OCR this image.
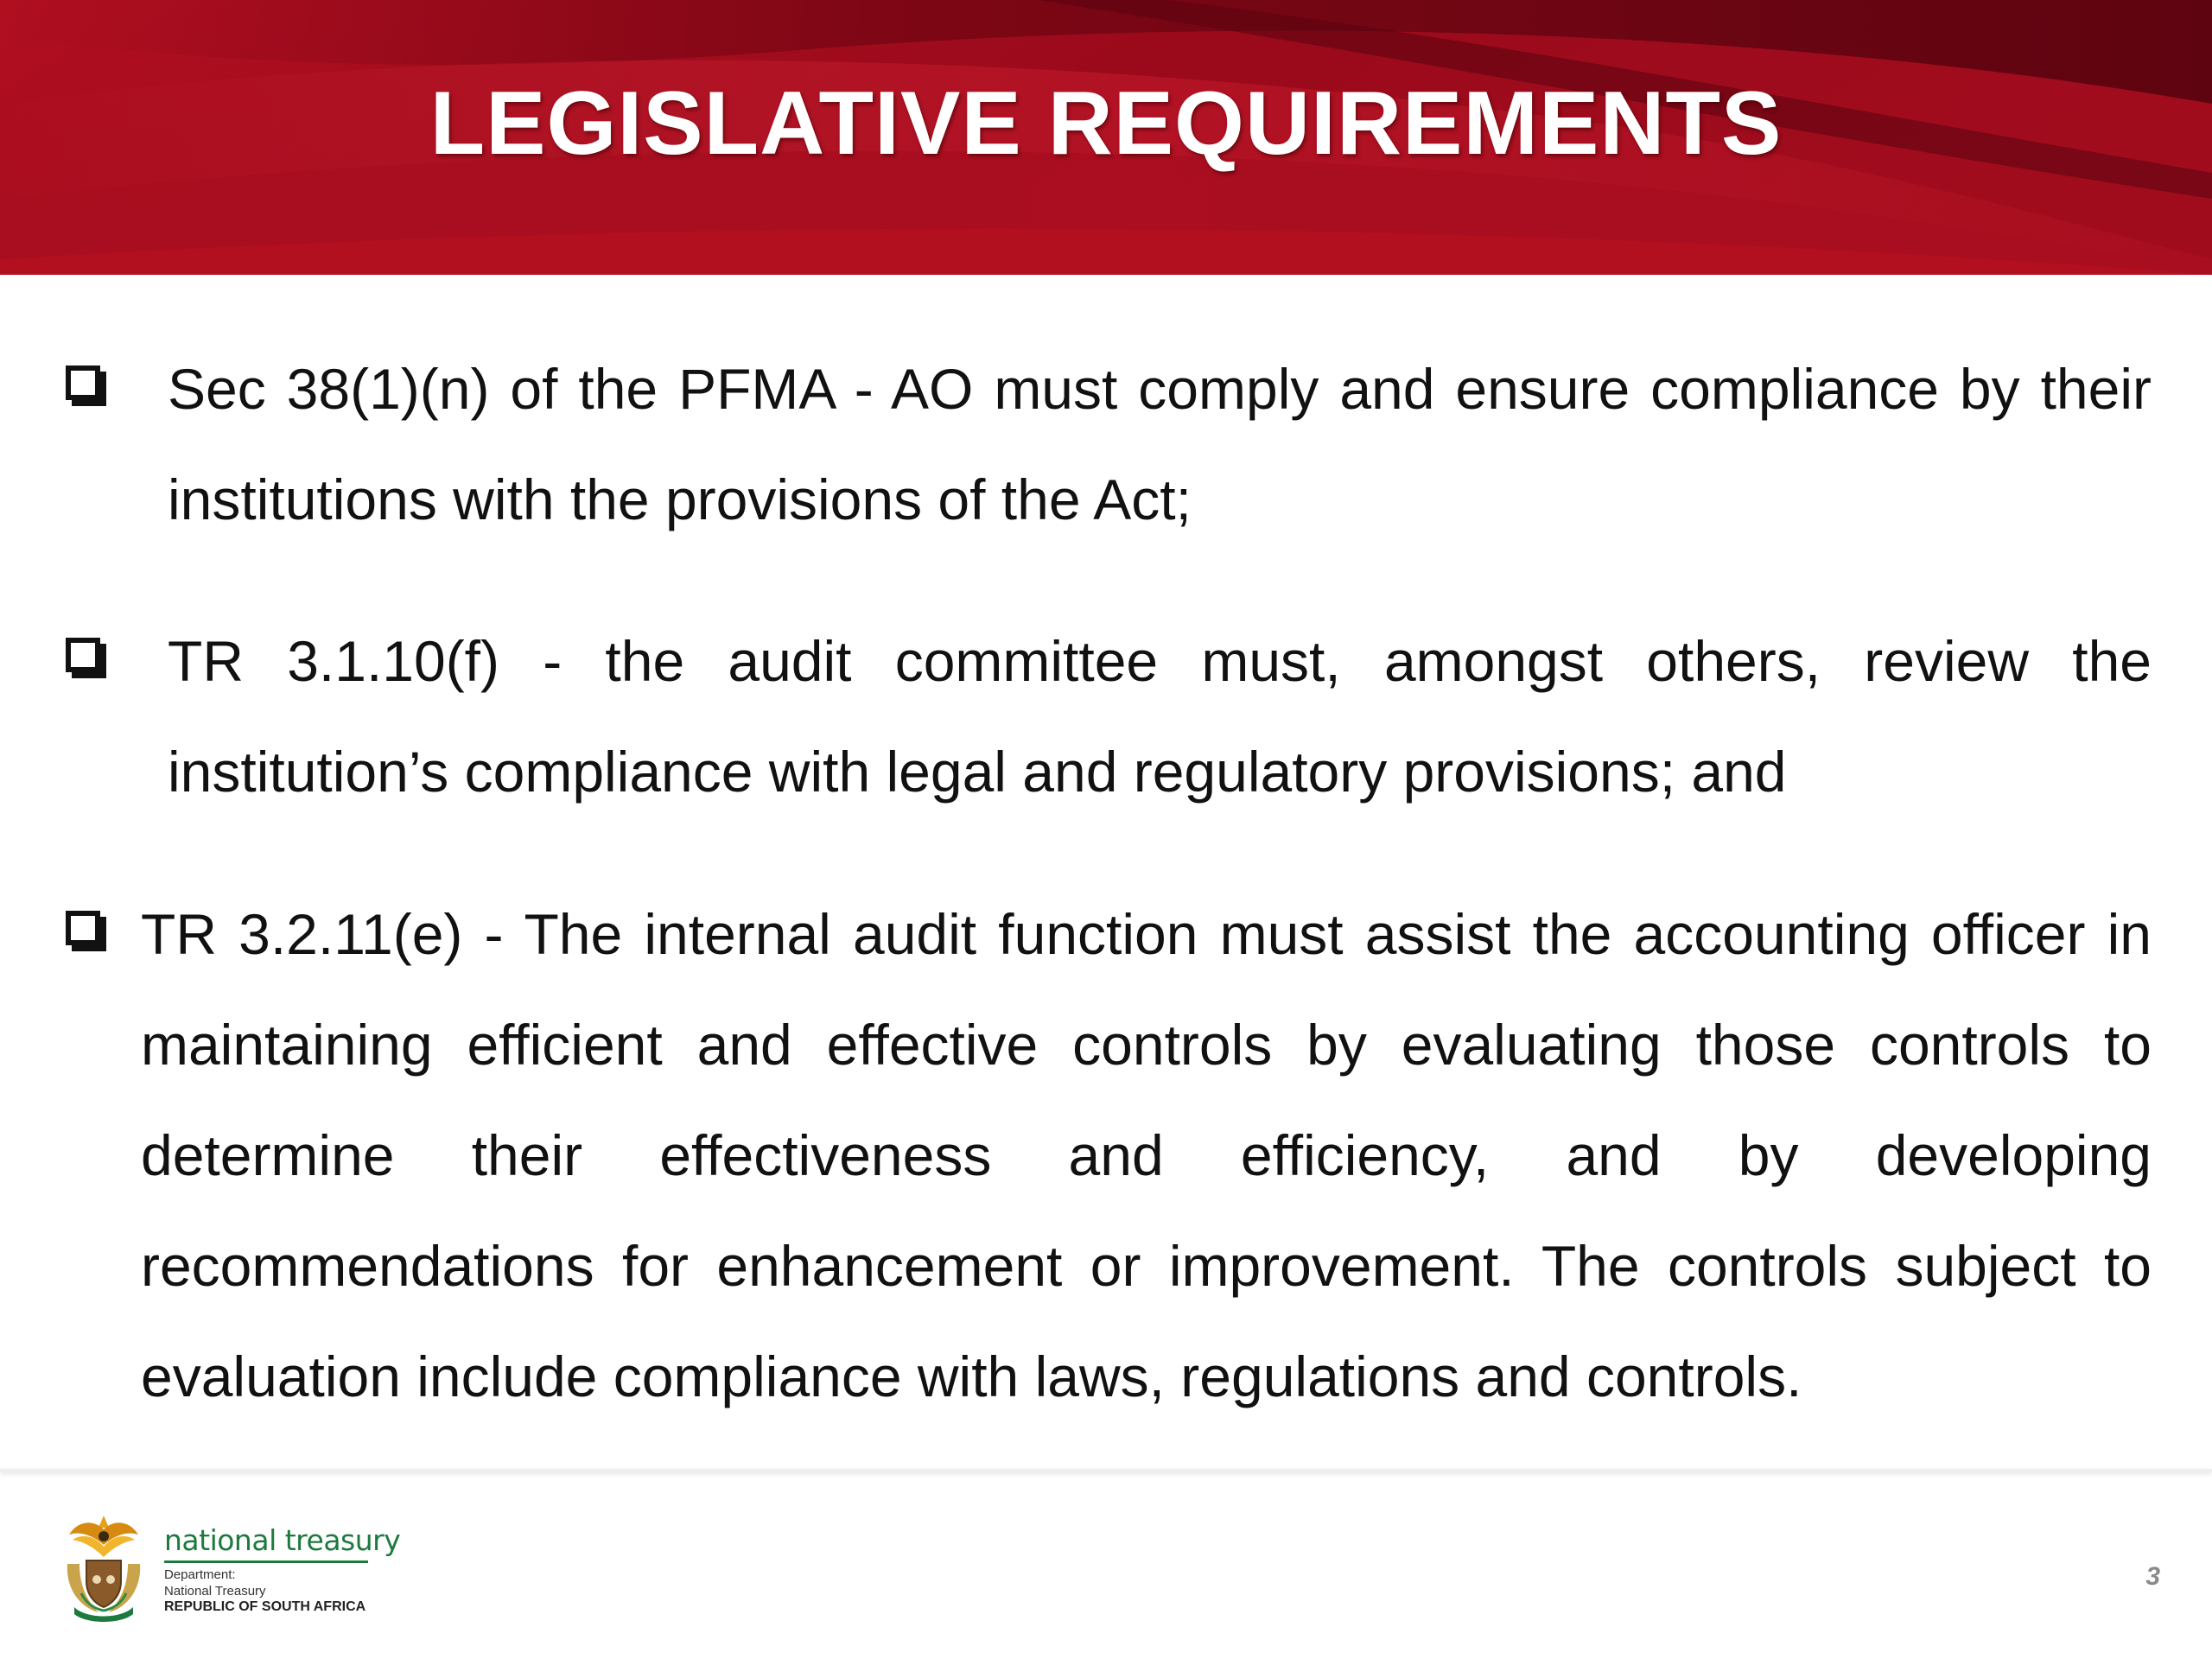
LEGISLATIVE REQUIREMENTS
Sec 38(1)(n) of the PFMA - AO must comply and ensure compliance by their institutions with the provisions of the Act;
TR 3.1.10(f) - the audit committee must, amongst others, review the institution’s compliance with legal and regulatory provisions; and
TR 3.2.11(e) - The internal audit function must assist the accounting officer in maintaining efficient and effective controls by evaluating those controls to determine their effectiveness and efficiency, and by developing recommendations for enhancement or improvement. The controls subject to evaluation include compliance with laws, regulations and controls.
national treasury
Department:
National Treasury
REPUBLIC OF SOUTH AFRICA
3
